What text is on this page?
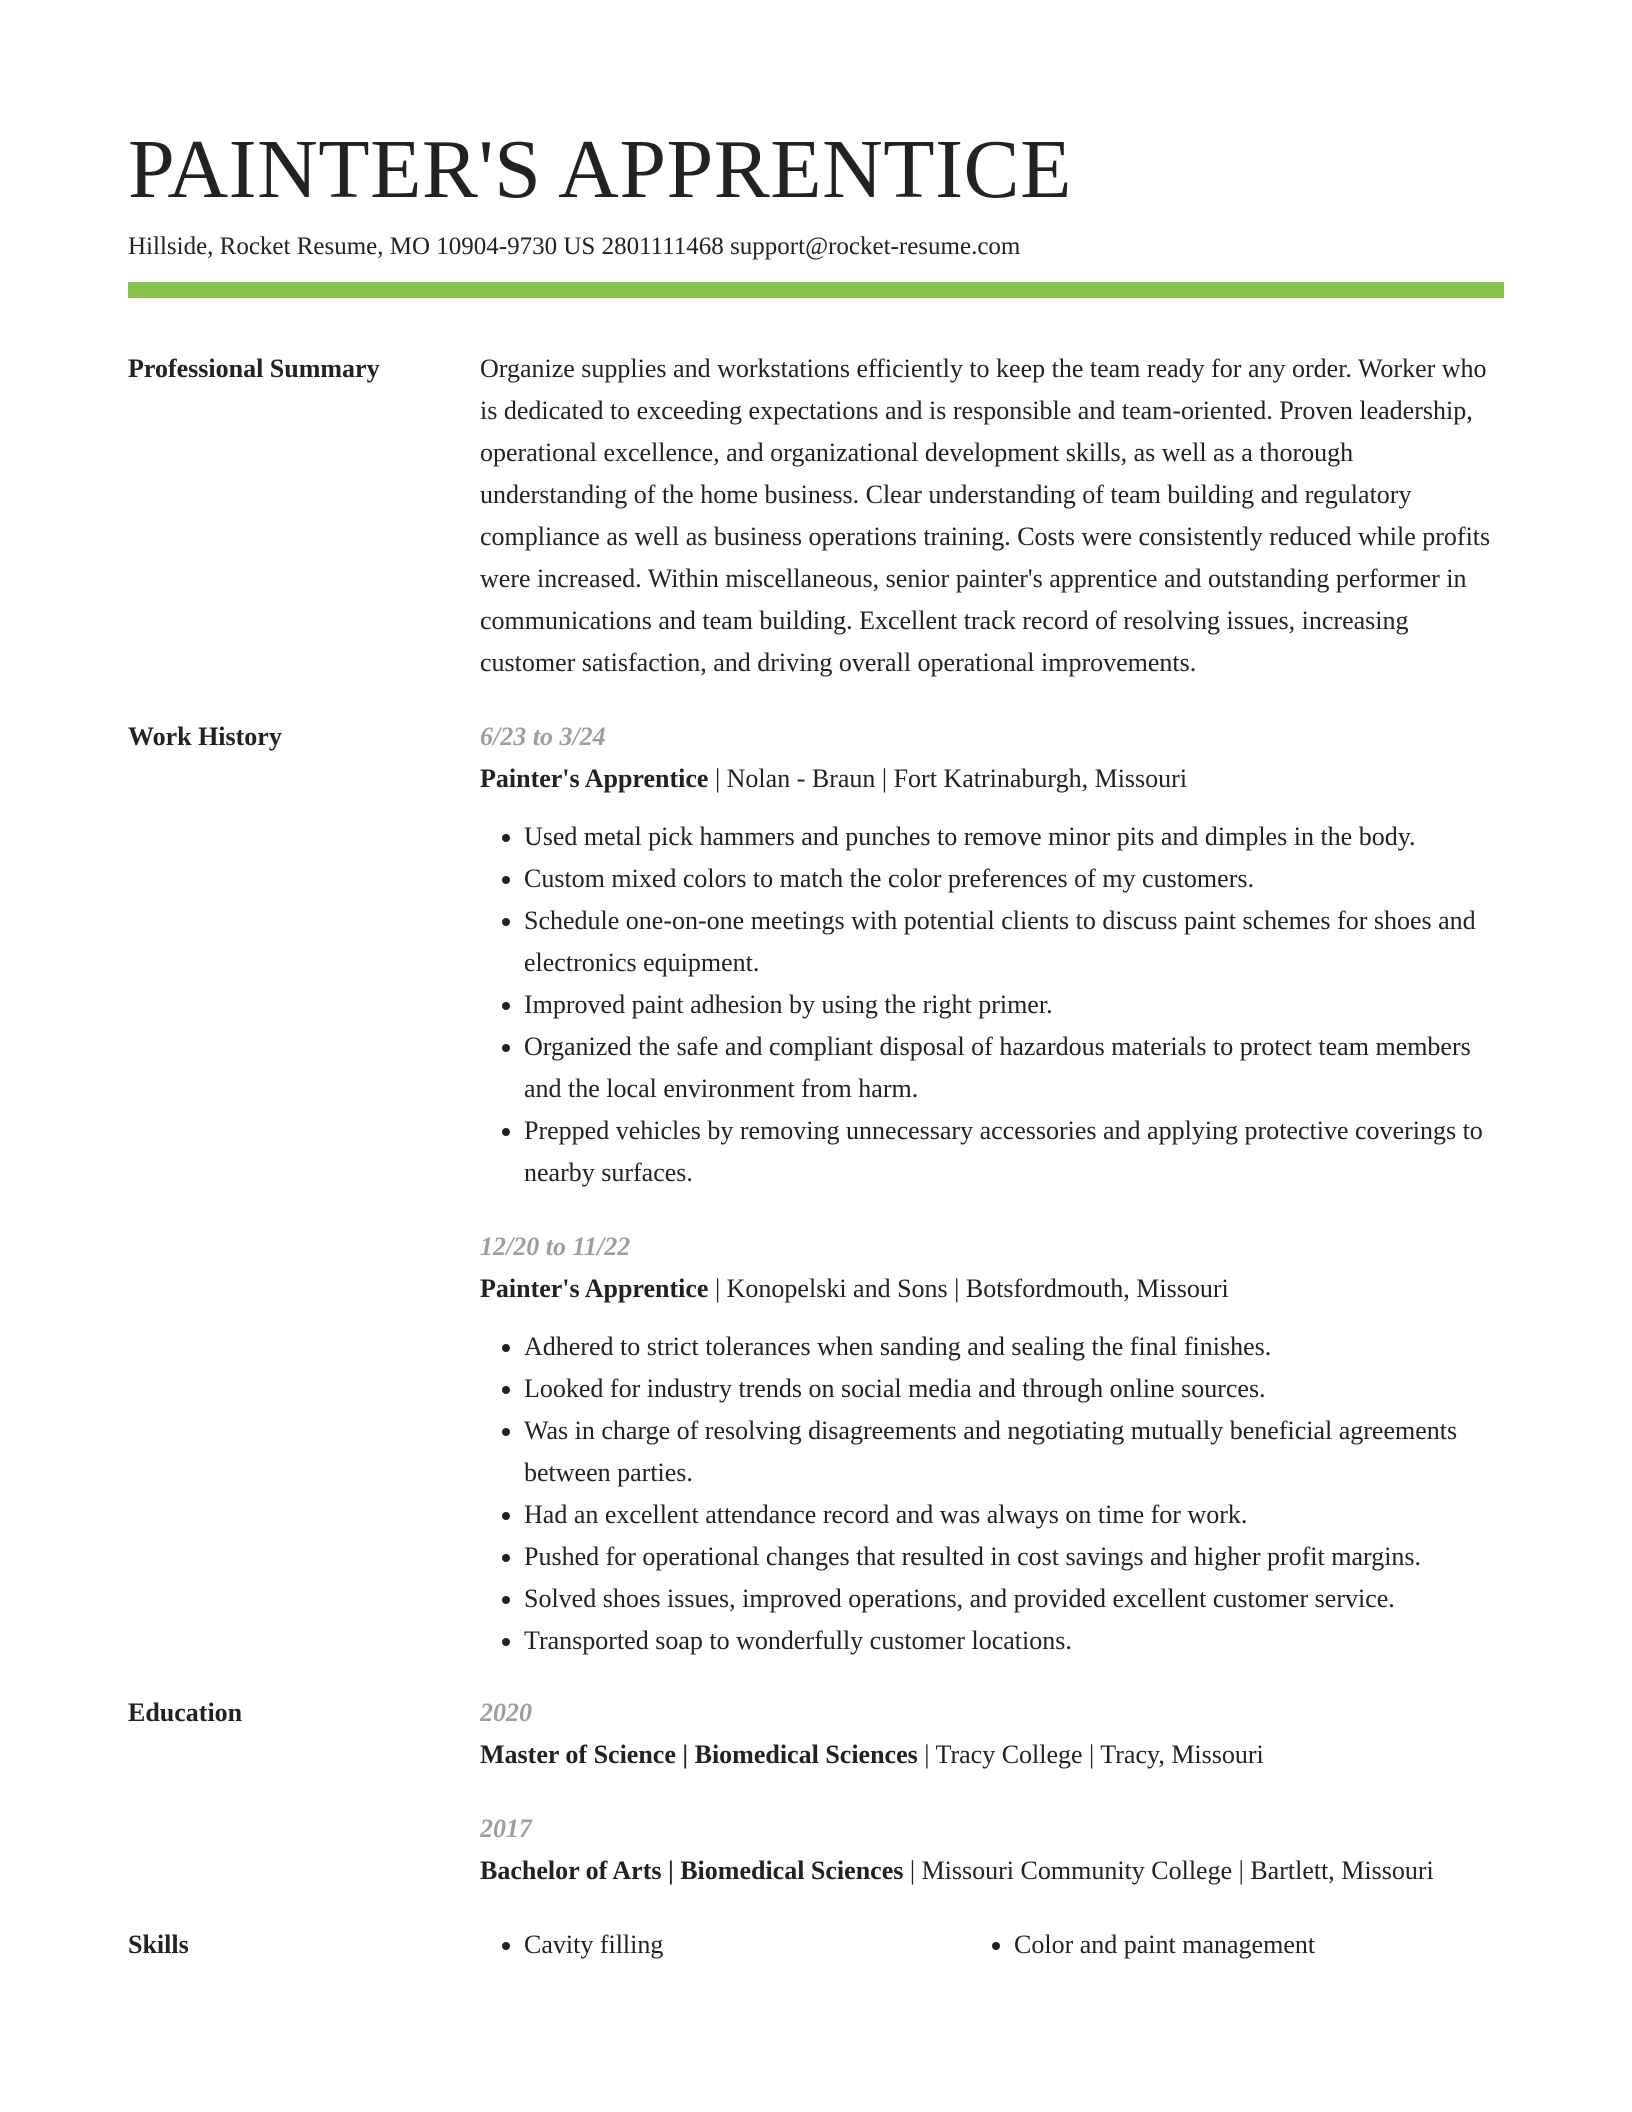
PAINTER'S APPRENTICE
Hillside, Rocket Resume, MO 10904-9730 US 2801111468 support@rocket-resume.com
Professional Summary	Organize supplies and workstations efficiently to keep the team ready for any order. Worker who is dedicated to exceeding expectations and is responsible and team-oriented. Proven leadership, operational excellence, and organizational development skills, as well as a thorough understanding of the home business. Clear understanding of team building and regulatory compliance as well as business operations training. Costs were consistently reduced while profits were increased. Within miscellaneous, senior painter's apprentice and outstanding performer in communications and team building. Excellent track record of resolving issues, increasing customer satisfaction, and driving overall operational improvements.

Work History	6/23 to 3/24
Painter's Apprentice | Nolan - Braun | Fort Katrinaburgh, Missouri
• Used metal pick hammers and punches to remove minor pits and dimples in the body.
• Custom mixed colors to match the color preferences of my customers.
• Schedule one-on-one meetings with potential clients to discuss paint schemes for shoes and electronics equipment.
• Improved paint adhesion by using the right primer.
• Organized the safe and compliant disposal of hazardous materials to protect team members and the local environment from harm.
• Prepped vehicles by removing unnecessary accessories and applying protective coverings to nearby surfaces.
12/20 to 11/22
Painter's Apprentice | Konopelski and Sons | Botsfordmouth, Missouri
• Adhered to strict tolerances when sanding and sealing the final finishes.
• Looked for industry trends on social media and through online sources.
• Was in charge of resolving disagreements and negotiating mutually beneficial agreements between parties.
• Had an excellent attendance record and was always on time for work.
• Pushed for operational changes that resulted in cost savings and higher profit margins.
• Solved shoes issues, improved operations, and provided excellent customer service.
• Transported soap to wonderfully customer locations.
Education	2020
Master of Science | Biomedical Sciences | Tracy College | Tracy, Missouri
2017
Bachelor of Arts | Biomedical Sciences | Missouri Community College | Bartlett, Missouri
Skills	• Cavity filling	• Color and paint management
